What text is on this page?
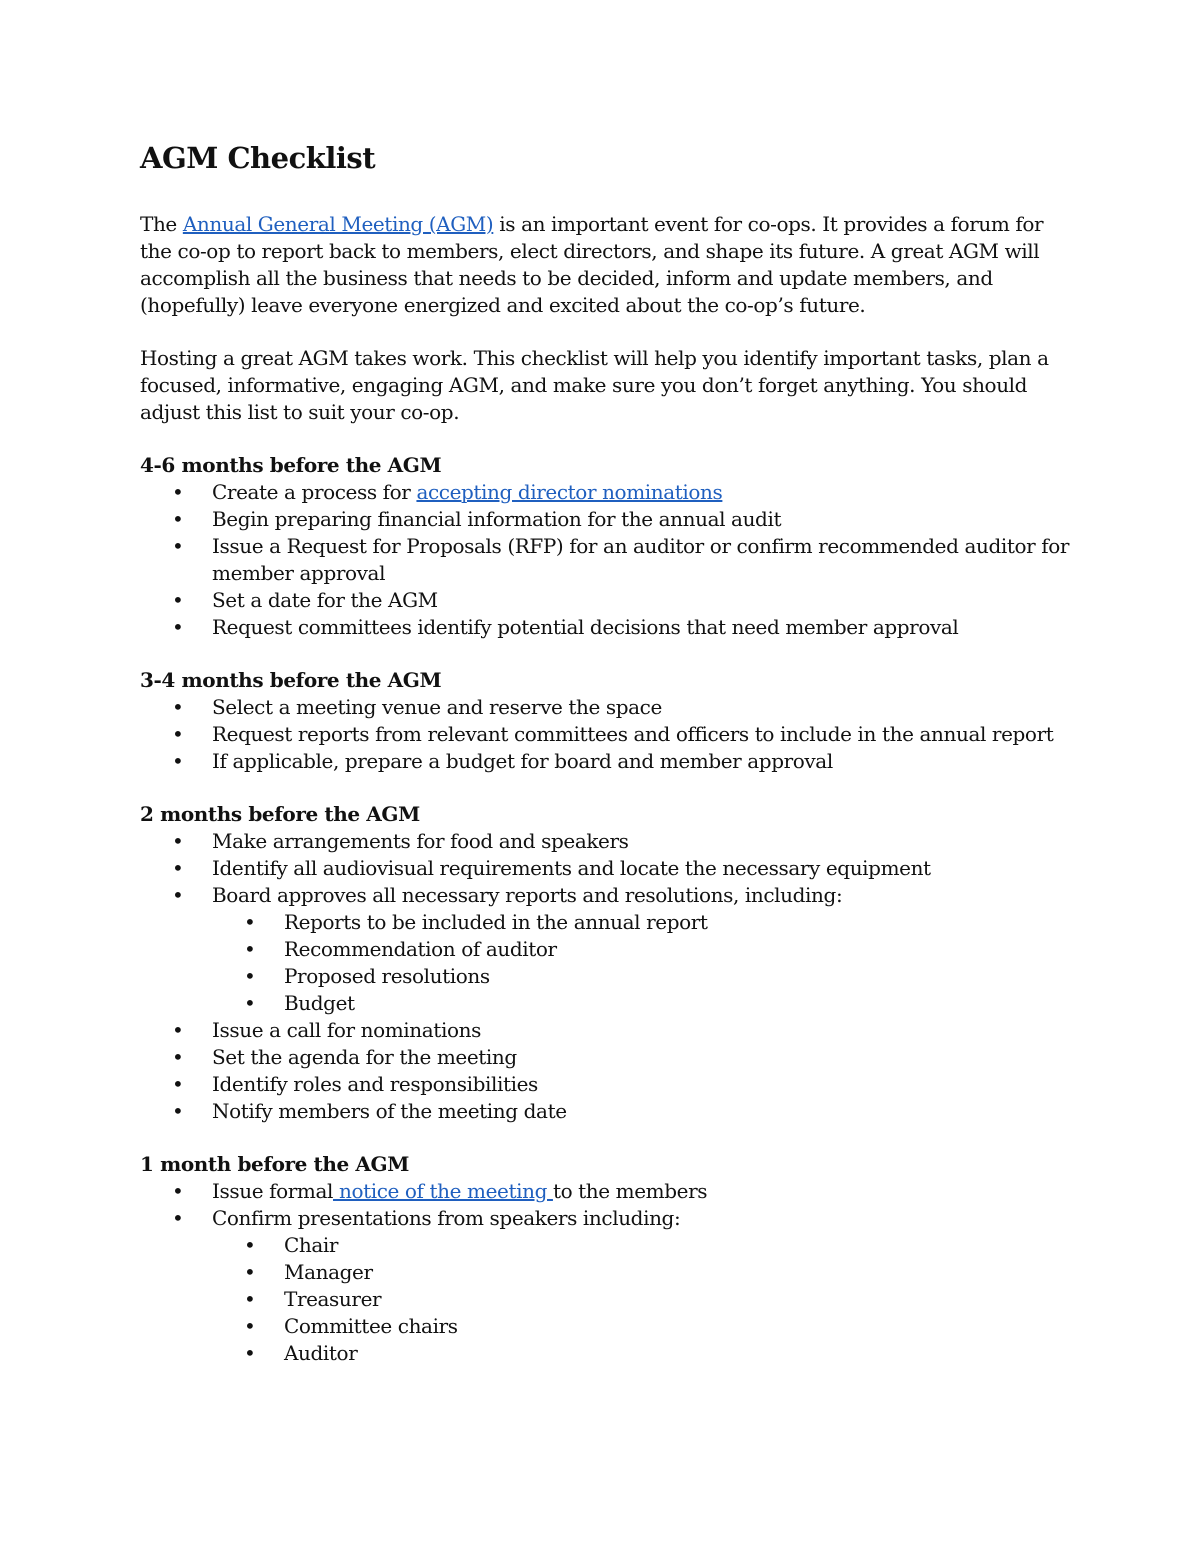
AGM Checklist

The Annual General Meeting (AGM) is an important event for co-ops. It provides a forum for the co-op to report back to members, elect directors, and shape its future. A great AGM will accomplish all the business that needs to be decided, inform and update members, and (hopefully) leave everyone energized and excited about the co-op’s future.

Hosting a great AGM takes work. This checklist will help you identify important tasks, plan a focused, informative, engaging AGM, and make sure you don’t forget anything. You should adjust this list to suit your co-op.

4-6 months before the AGM
• Create a process for accepting director nominations
• Begin preparing financial information for the annual audit
• Issue a Request for Proposals (RFP) for an auditor or confirm recommended auditor for member approval
• Set a date for the AGM
• Request committees identify potential decisions that need member approval
3-4 months before the AGM
• Select a meeting venue and reserve the space
• Request reports from relevant committees and officers to include in the annual report
• If applicable, prepare a budget for board and member approval
2 months before the AGM
• Make arrangements for food and speakers
• Identify all audiovisual requirements and locate the necessary equipment
• Board approves all necessary reports and resolutions, including:
• Reports to be included in the annual report
• Recommendation of auditor
• Proposed resolutions
• Budget
• Issue a call for nominations
• Set the agenda for the meeting
• Identify roles and responsibilities
• Notify members of the meeting date
1 month before the AGM
• Issue formal notice of the meeting to the members
• Confirm presentations from speakers including:
• Chair
• Manager
• Treasurer
• Committee chairs
• Auditor
